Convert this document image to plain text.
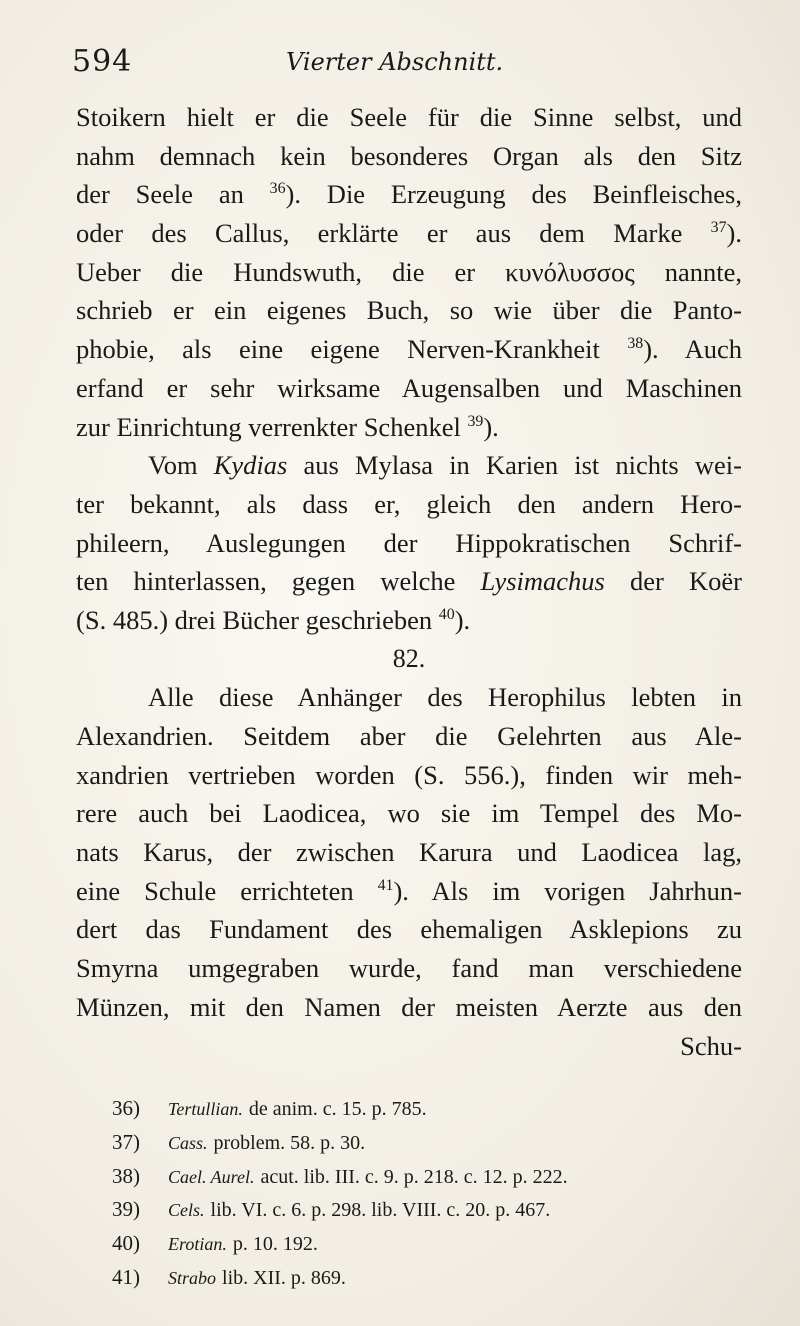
594	Vierter Abschnitt.
Stoikern hielt er die Seele für die Sinne selbst, und
nahm demnach kein besonderes Organ als den Sitz
der Seele an $^{36}$). Die Erzeugung des Beinfleisches,
oder des Callus, erklärte er aus dem Marke $^{37}$).
Ueber die Hundswuth, die er κυνόλυσσος nannte,
schrieb er ein eigenes Buch, so wie über die Panto-
phobie, als eine eigene Nerven-Krankheit $^{38}$). Auch
erfand er sehr wirksame Augensalben und Maschinen
zur Einrichtung verrenkter Schenkel $^{39}$).
Vom Kydias aus Mylasa in Karien ist nichts wei-
ter bekannt, als dass er, gleich den andern Hero-
phileern, Auslegungen der Hippokratischen Schrif-
ten hinterlassen, gegen welche Lysimachus der Koër
(S. 485.) drei Bücher geschrieben $^{40}$).
82.
Alle diese Anhänger des Herophilus lebten in
Alexandrien. Seitdem aber die Gelehrten aus Ale-
xandrien vertrieben worden (S. 556.), finden wir meh-
rere auch bei Laodicea, wo sie im Tempel des Mo-
nats Karus, der zwischen Karura und Laodicea lag,
eine Schule errichteten $^{41}$). Als im vorigen Jahrhun-
dert das Fundament des ehemaligen Asklepions zu
Smyrna umgegraben wurde, fand man verschiedene
Münzen, mit den Namen der meisten Aerzte aus den
Schu-
36) Tertullian. de anim. c. 15. p. 785.
37) Cass. problem. 58. p. 30.
38) Cael. Aurel. acut. lib. III. c. 9. p. 218. c. 12. p. 222.
39) Cels. lib. VI. c. 6. p. 298. lib. VIII. c. 20. p. 467.
40) Erotian. p. 10. 192.
41) Strabo lib. XII. p. 869.
